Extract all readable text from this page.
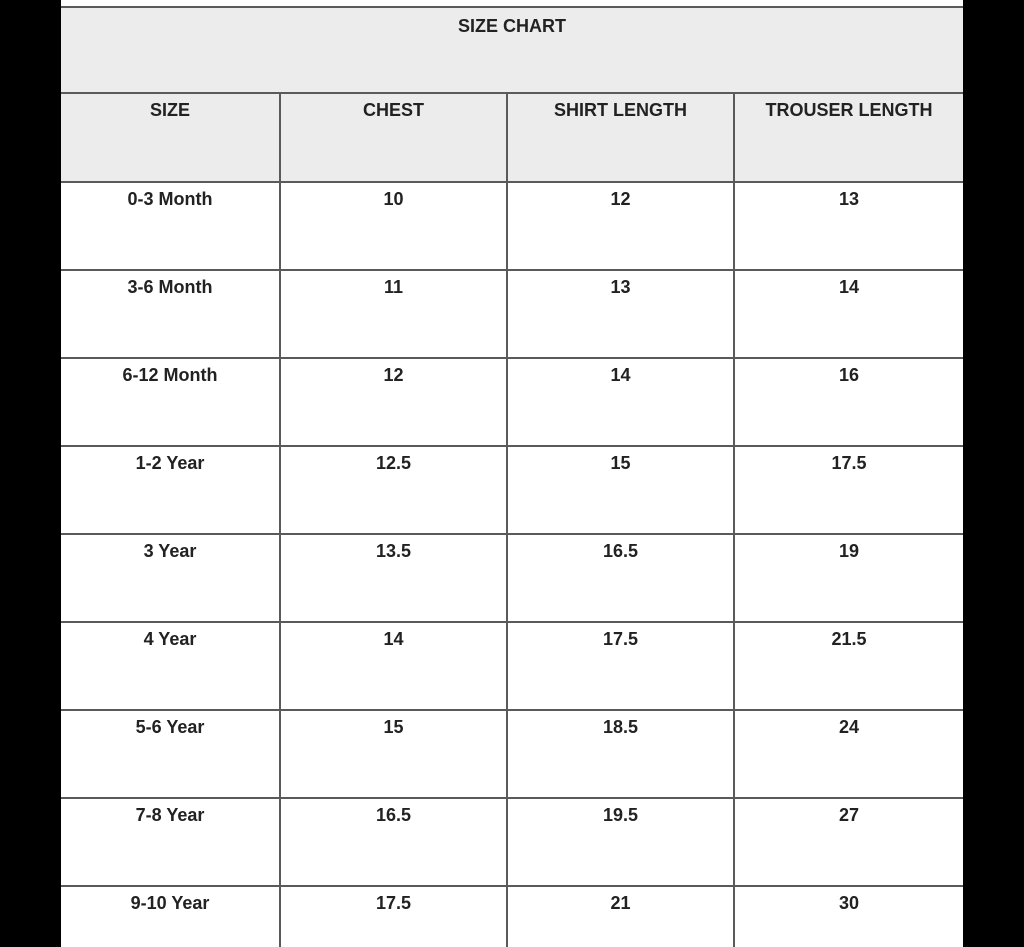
SIZE CHART
SIZE	CHEST	SHIRT LENGTH	TROUSER LENGTH
0-3 Month	10	12	13
3-6 Month	11	13	14
6-12 Month	12	14	16
1-2 Year	12.5	15	17.5
3 Year	13.5	16.5	19
4 Year	14	17.5	21.5
5-6 Year	15	18.5	24
7-8 Year	16.5	19.5	27
9-10 Year	17.5	21	30
